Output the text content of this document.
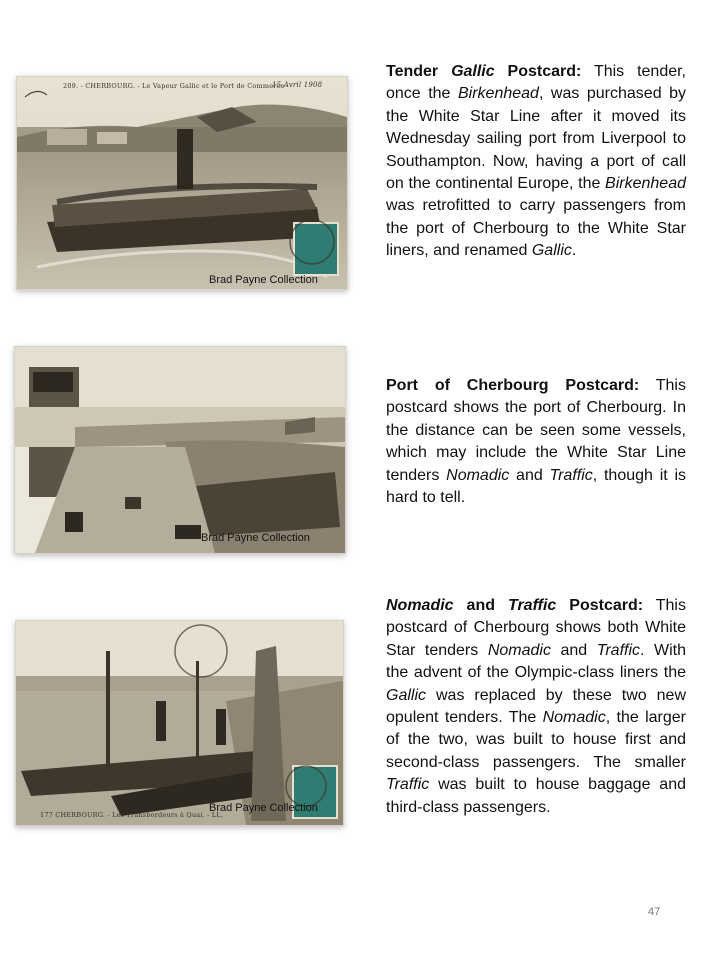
209. - CHERBOURG. - Le Vapeur Gallic et le Port de Commerce
15 Avril 1908
Brad Payne Collection
Brad Payne Collection
177 CHERBOURG. - Les Transbordeurs à Quai. - LL.
Brad Payne Collection
Tender Gallic Postcard: This tender, once the Birkenhead, was purchased by the White Star Line after it moved its Wednesday sailing port from Liverpool to Southampton. Now, having a port of call on the continental Europe, the Birkenhead was retrofitted to carry passengers from the port of Cherbourg to the White Star liners, and renamed Gallic.
Port of Cherbourg Postcard: This postcard shows the port of Cherbourg. In the distance can be seen some vessels, which may include the White Star Line tenders Nomadic and Traffic, though it is hard to tell.
Nomadic and Traffic Postcard: This postcard of Cherbourg shows both White Star tenders Nomadic and Traffic. With the advent of the Olympic-class liners the Gallic was replaced by these two new opulent tenders. The Nomadic, the larger of the two, was built to house first and second-class passengers. The smaller Traffic was built to house baggage and third-class passengers.
47
